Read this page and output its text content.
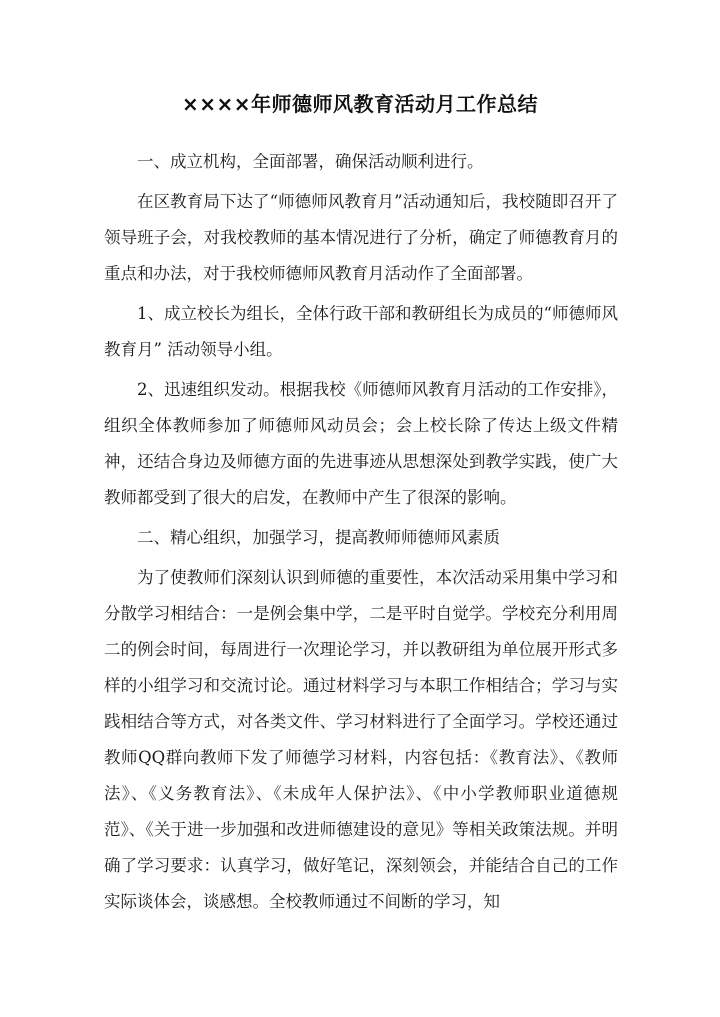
××××年师德师风教育活动月工作总结

一、成立机构，全面部署，确保活动顺利进行。

在区教育局下达了“师德师风教育月”活动通知后，我校随即召开了领导班子会，对我校教师的基本情况进行了分析，确定了师德教育月的重点和办法，对于我校师德师风教育月活动作了全面部署。

1、成立校长为组长，全体行政干部和教研组长为成员的“师德师风教育月” 活动领导小组。

2、迅速组织发动。根据我校《师德师风教育月活动的工作安排》，组织全体教师参加了师德师风动员会；会上校长除了传达上级文件精神，还结合身边及师德方面的先进事迹从思想深处到教学实践，使广大教师都受到了很大的启发，在教师中产生了很深的影响。

二、精心组织，加强学习，提高教师师德师风素质

为了使教师们深刻认识到师德的重要性，本次活动采用集中学习和分散学习相结合：一是例会集中学，二是平时自觉学。学校充分利用周二的例会时间，每周进行一次理论学习，并以教研组为单位展开形式多样的小组学习和交流讨论。通过材料学习与本职工作相结合；学习与实践相结合等方式，对各类文件、学习材料进行了全面学习。学校还通过教师QQ群向教师下发了师德学习材料，内容包括：《教育法》、《教师法》、《义务教育法》、《未成年人保护法》、《中小学教师职业道德规范》、《关于进一步加强和改进师德建设的意见》等相关政策法规。并明确了学习要求：认真学习，做好笔记，深刻领会，并能结合自己的工作实际谈体会，谈感想。全校教师通过不间断的学习，知
